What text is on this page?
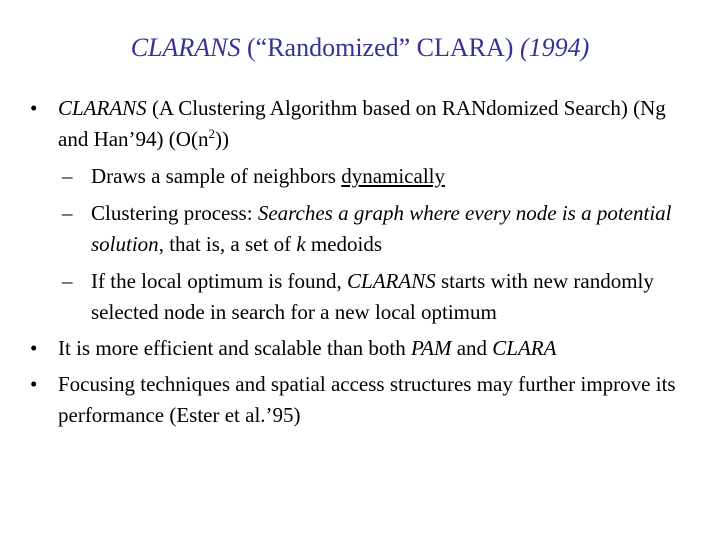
CLARANS (“Randomized” CLARA) (1994)
• CLARANS (A Clustering Algorithm based on RANdomized Search) (Ng and Han’94) $(O(n^2))$
– Draws a sample of neighbors dynamically
– Clustering process: Searches a graph where every node is a potential solution, that is, a set of k medoids
– If the local optimum is found, CLARANS starts with new randomly selected node in search for a new local optimum
• It is more efficient and scalable than both PAM and CLARA
• Focusing techniques and spatial access structures may further improve its performance (Ester et al.’95)
